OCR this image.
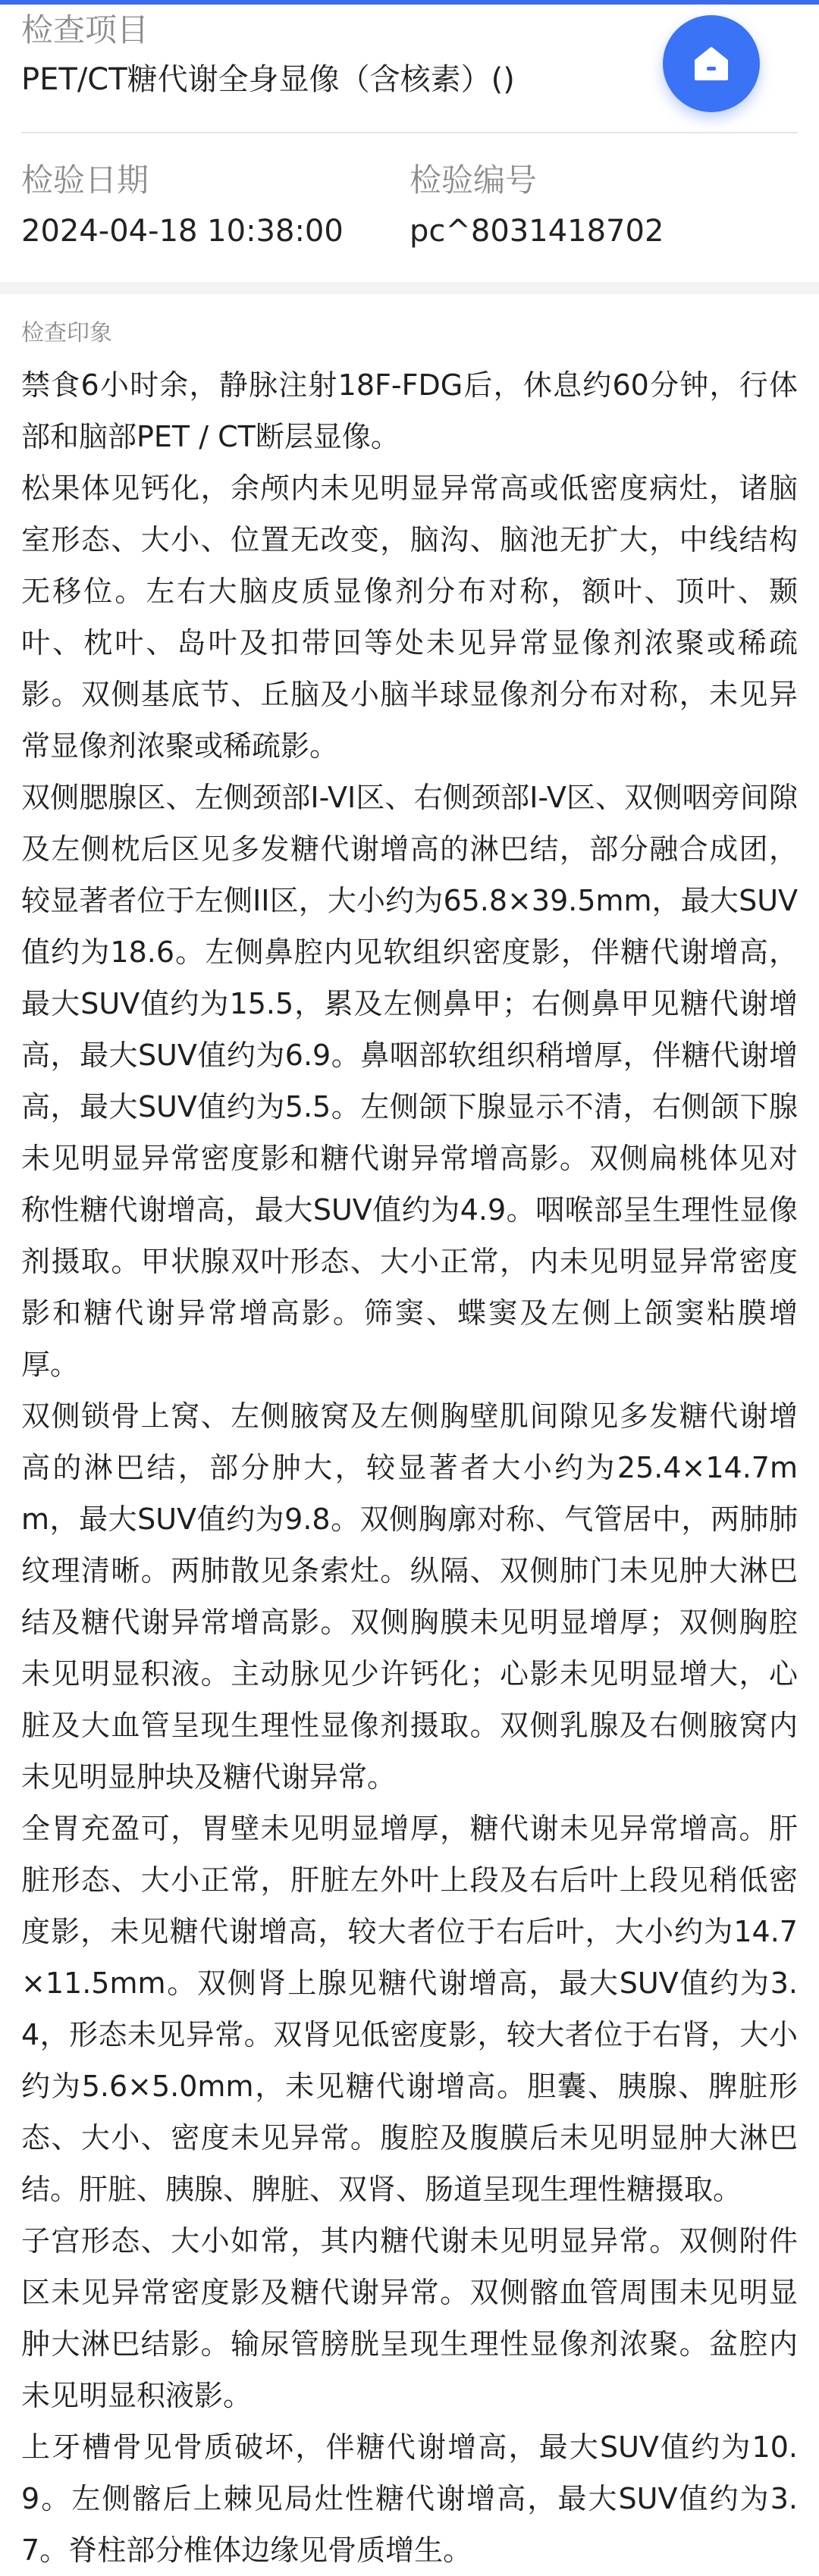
检查项目
PET/CT糖代谢全身显像（含核素）()
检验日期
2024-04-18 10:38:00
检验编号
pc^8031418702
检查印象

禁食6小时余，静脉注射18F-FDG后，休息约60分钟，行体部和脑部PET / CT断层显像。

松果体见钙化，余颅内未见明显异常高或低密度病灶，诸脑室形态、大小、位置无改变，脑沟、脑池无扩大，中线结构无移位。左右大脑皮质显像剂分布对称，额叶、顶叶、颞叶、枕叶、岛叶及扣带回等处未见异常显像剂浓聚或稀疏影。双侧基底节、丘脑及小脑半球显像剂分布对称，未见异常显像剂浓聚或稀疏影。

双侧腮腺区、左侧颈部I-VI区、右侧颈部I-V区、双侧咽旁间隙及左侧枕后区见多发糖代谢增高的淋巴结，部分融合成团，较显著者位于左侧II区，大小约为65.8×39.5mm，最大SUV值约为18.6。左侧鼻腔内见软组织密度影，伴糖代谢增高，最大SUV值约为15.5，累及左侧鼻甲；右侧鼻甲见糖代谢增高，最大SUV值约为6.9。鼻咽部软组织稍增厚，伴糖代谢增高，最大SUV值约为5.5。左侧颌下腺显示不清，右侧颌下腺未见明显异常密度影和糖代谢异常增高影。双侧扁桃体见对称性糖代谢增高，最大SUV值约为4.9。咽喉部呈生理性显像剂摄取。甲状腺双叶形态、大小正常，内未见明显异常密度影和糖代谢异常增高影。筛窦、蝶窦及左侧上颌窦粘膜增厚。

双侧锁骨上窝、左侧腋窝及左侧胸壁肌间隙见多发糖代谢增高的淋巴结，部分肿大，较显著者大小约为25.4×14.7mm，最大SUV值约为9.8。双侧胸廓对称、气管居中，两肺肺纹理清晰。两肺散见条索灶。纵隔、双侧肺门未见肿大淋巴结及糖代谢异常增高影。双侧胸膜未见明显增厚；双侧胸腔未见明显积液。主动脉见少许钙化；心影未见明显增大，心脏及大血管呈现生理性显像剂摄取。双侧乳腺及右侧腋窝内未见明显肿块及糖代谢异常。

全胃充盈可，胃壁未见明显增厚，糖代谢未见异常增高。肝脏形态、大小正常，肝脏左外叶上段及右后叶上段见稍低密度影，未见糖代谢增高，较大者位于右后叶，大小约为14.7×11.5mm。双侧肾上腺见糖代谢增高，最大SUV值约为3.4，形态未见异常。双肾见低密度影，较大者位于右肾，大小约为5.6×5.0mm，未见糖代谢增高。胆囊、胰腺、脾脏形态、大小、密度未见异常。腹腔及腹膜后未见明显肿大淋巴结。肝脏、胰腺、脾脏、双肾、肠道呈现生理性糖摄取。

子宫形态、大小如常，其内糖代谢未见明显异常。双侧附件区未见异常密度影及糖代谢异常。双侧髂血管周围未见明显肿大淋巴结影。输尿管膀胱呈现生理性显像剂浓聚。盆腔内未见明显积液影。

上牙槽骨见骨质破坏，伴糖代谢增高，最大SUV值约为10.9。左侧髂后上棘见局灶性糖代谢增高，最大SUV值约为3.7。脊柱部分椎体边缘见骨质增生。
